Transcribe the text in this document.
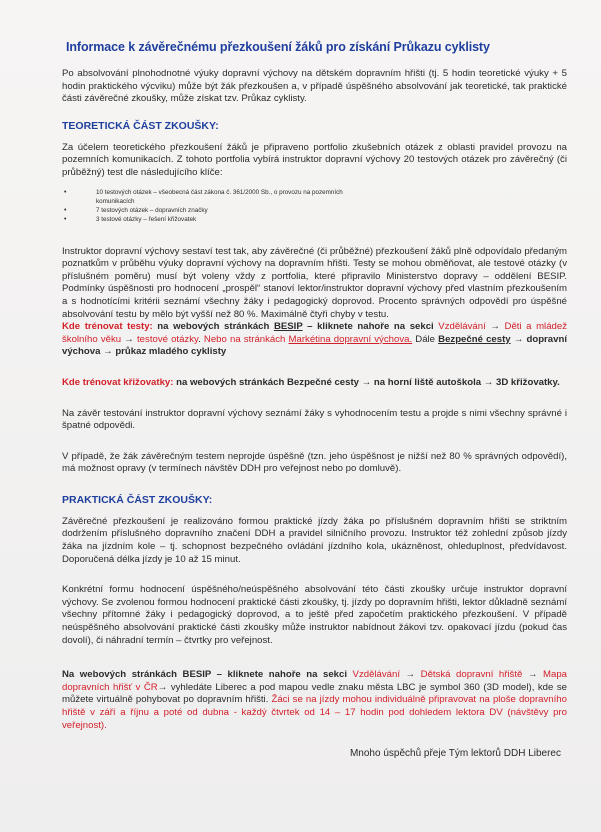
Informace k závěrečnému přezkoušení žáků pro získání Průkazu cyklisty

Po absolvování plnohodnotné výuky dopravní výchovy na dětském dopravním hřišti (tj. 5 hodin teoretické výuky + 5 hodin praktického výcviku) může být žák přezkoušen a, v případě úspěšného absolvování jak teoretické, tak praktické části závěrečné zkoušky, může získat tzv. Průkaz cyklisty.

TEORETICKÁ ČÁST ZKOUŠKY:

Za účelem teoretického přezkoušení žáků je připraveno portfolio zkušebních otázek z oblasti pravidel provozu na pozemních komunikacích. Z tohoto portfolia vybírá instruktor dopravní výchovy 20 testových otázek pro závěrečný (či průběžný) test dle následujícího klíče:

•	10 testových otázek – všeobecná část zákona č. 361/2000 Sb., o provozu na pozemních
komunikacích
•	7 testových otázek – dopravních značky
•	3 testové otázky – řešení křižovatek

Instruktor dopravní výchovy sestaví test tak, aby závěrečné (či průběžné) přezkoušení žáků plně odpovídalo předaným poznatkům v průběhu výuky dopravní výchovy na dopravním hřišti. Testy se mohou obměňovat, ale testové otázky (v příslušném poměru) musí být voleny vždy z portfolia, které připravilo Ministerstvo dopravy – oddělení BESIP. Podmínky úspěšnosti pro hodnocení „prospěl“ stanoví lektor/instruktor dopravní výchovy před vlastním přezkoušením a s hodnotícími kritérii seznámí všechny žáky i pedagogický doprovod. Procento správných odpovědí pro úspěšné absolvování testu by mělo být vyšší než 80 %. Maximálně čtyři chyby v testu.

Kde trénovat testy: na webových stránkách BESIP – kliknete nahoře na sekci Vzdělávání → Děti a mládež školního věku → testové otázky. Nebo na stránkách Markétina dopravní výchova. Dále Bezpečné cesty → dopravní výchova → průkaz mladého cyklisty

Kde trénovat křižovatky: na webových stránkách Bezpečné cesty → na horní liště autoškola → 3D křižovatky.

Na závěr testování instruktor dopravní výchovy seznámí žáky s vyhodnocením testu a projde s nimi všechny správné i špatné odpovědi.

V případě, že žák závěrečným testem neprojde úspěšně (tzn. jeho úspěšnost je nižší než 80 % správných odpovědí), má možnost opravy (v termínech návštěv DDH pro veřejnost nebo po domluvě).

PRAKTICKÁ ČÁST ZKOUŠKY:

Závěrečné přezkoušení je realizováno formou praktické jízdy žáka po příslušném dopravním hřišti se striktním dodržením příslušného dopravního značení DDH a pravidel silničního provozu. Instruktor též zohlední způsob jízdy žáka na jízdním kole – tj. schopnost bezpečného ovládání jízdního kola, ukázněnost, ohleduplnost, předvídavost. Doporučená délka jízdy je 10 až 15 minut.

Konkrétní formu hodnocení úspěšného/neúspěšného absolvování této části zkoušky určuje instruktor dopravní výchovy. Se zvolenou formou hodnocení praktické části zkoušky, tj. jízdy po dopravním hřišti, lektor důkladně seznámí všechny přítomné žáky i pedagogický doprovod, a to ještě před započetím praktického přezkoušení. V případě neúspěšného absolvování praktické části zkoušky může instruktor nabídnout žákovi tzv. opakovací jízdu (pokud čas dovolí), či náhradní termín – čtvrtky pro veřejnost.

Na webových stránkách BESIP – kliknete nahoře na sekci Vzdělávání → Dětská dopravní hřiště → Mapa dopravních hřišť v ČR→ vyhledáte Liberec a pod mapou vedle znaku města LBC je symbol 360 (3D model), kde se můžete virtuálně pohybovat po dopravním hřišti. Žáci se na jízdy mohou individuálně připravovat na ploše dopravního hřiště v září a říjnu a poté od dubna - každý čtvrtek od 14 – 17 hodin pod dohledem lektora DV (návštěvy pro veřejnost).

Mnoho úspěchů přeje Tým lektorů DDH Liberec
